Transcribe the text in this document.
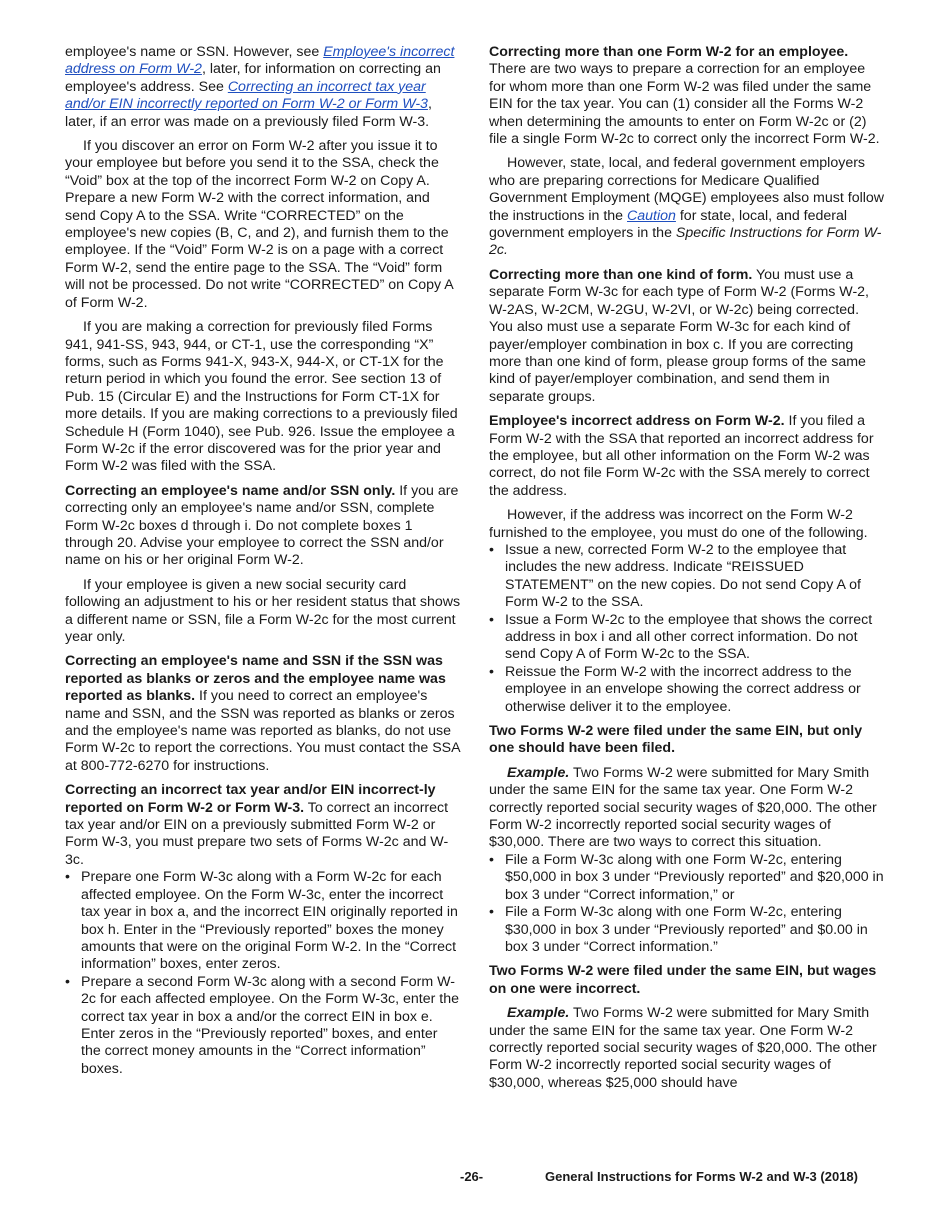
employee's name or SSN. However, see Employee's incorrect address on Form W-2, later, for information on correcting an employee's address. See Correcting an incorrect tax year and/or EIN incorrectly reported on Form W-2 or Form W-3, later, if an error was made on a previously filed Form W-3.

If you discover an error on Form W-2 after you issue it to your employee but before you send it to the SSA, check the “Void” box at the top of the incorrect Form W-2 on Copy A. Prepare a new Form W-2 with the correct information, and send Copy A to the SSA. Write “CORRECTED” on the employee's new copies (B, C, and 2), and furnish them to the employee. If the “Void” Form W-2 is on a page with a correct Form W-2, send the entire page to the SSA. The “Void” form will not be processed. Do not write “CORRECTED” on Copy A of Form W-2.

If you are making a correction for previously filed Forms 941, 941-SS, 943, 944, or CT-1, use the corresponding “X” forms, such as Forms 941-X, 943-X, 944-X, or CT-1X for the return period in which you found the error. See section 13 of Pub. 15 (Circular E) and the Instructions for Form CT-1X for more details. If you are making corrections to a previously filed Schedule H (Form 1040), see Pub. 926. Issue the employee a Form W-2c if the error discovered was for the prior year and Form W-2 was filed with the SSA.

Correcting an employee's name and/or SSN only. If you are correcting only an employee's name and/or SSN, complete Form W-2c boxes d through i. Do not complete boxes 1 through 20. Advise your employee to correct the SSN and/or name on his or her original Form W-2.

If your employee is given a new social security card following an adjustment to his or her resident status that shows a different name or SSN, file a Form W-2c for the most current year only.

Correcting an employee's name and SSN if the SSN was reported as blanks or zeros and the employee name was reported as blanks. If you need to correct an employee's name and SSN, and the SSN was reported as blanks or zeros and the employee's name was reported as blanks, do not use Form W-2c to report the corrections. You must contact the SSA at 800-772-6270 for instructions.

Correcting an incorrect tax year and/or EIN incorrect-ly reported on Form W-2 or Form W-3. To correct an incorrect tax year and/or EIN on a previously submitted Form W-2 or Form W-3, you must prepare two sets of Forms W-2c and W-3c.

• Prepare one Form W-3c along with a Form W-2c for each affected employee. On the Form W-3c, enter the incorrect tax year in box a, and the incorrect EIN originally reported in box h. Enter in the “Previously reported” boxes the money amounts that were on the original Form W-2. In the “Correct information” boxes, enter zeros.

• Prepare a second Form W-3c along with a second Form W-2c for each affected employee. On the Form W-3c, enter the correct tax year in box a and/or the correct EIN in box e. Enter zeros in the “Previously reported” boxes, and enter the correct money amounts in the “Correct information” boxes.

Correcting more than one Form W-2 for an employee. There are two ways to prepare a correction for an employee for whom more than one Form W-2 was filed under the same EIN for the tax year. You can (1) consider all the Forms W-2 when determining the amounts to enter on Form W-2c or (2) file a single Form W-2c to correct only the incorrect Form W-2.

However, state, local, and federal government employers who are preparing corrections for Medicare Qualified Government Employment (MQGE) employees also must follow the instructions in the Caution for state, local, and federal government employers in the Specific Instructions for Form W-2c.

Correcting more than one kind of form. You must use a separate Form W-3c for each type of Form W-2 (Forms W-2, W-2AS, W-2CM, W-2GU, W-2VI, or W-2c) being corrected. You also must use a separate Form W-3c for each kind of payer/employer combination in box c. If you are correcting more than one kind of form, please group forms of the same kind of payer/employer combination, and send them in separate groups.

Employee's incorrect address on Form W-2. If you filed a Form W-2 with the SSA that reported an incorrect address for the employee, but all other information on the Form W-2 was correct, do not file Form W-2c with the SSA merely to correct the address.

However, if the address was incorrect on the Form W-2 furnished to the employee, you must do one of the following.

• Issue a new, corrected Form W-2 to the employee that includes the new address. Indicate “REISSUED STATEMENT” on the new copies. Do not send Copy A of Form W-2 to the SSA.

• Issue a Form W-2c to the employee that shows the correct address in box i and all other correct information. Do not send Copy A of Form W-2c to the SSA.

• Reissue the Form W-2 with the incorrect address to the employee in an envelope showing the correct address or otherwise deliver it to the employee.

Two Forms W-2 were filed under the same EIN, but only one should have been filed.

Example. Two Forms W-2 were submitted for Mary Smith under the same EIN for the same tax year. One Form W-2 correctly reported social security wages of $20,000. The other Form W-2 incorrectly reported social security wages of $30,000. There are two ways to correct this situation.

• File a Form W-3c along with one Form W-2c, entering $50,000 in box 3 under “Previously reported” and $20,000 in box 3 under “Correct information,” or

• File a Form W-3c along with one Form W-2c, entering $30,000 in box 3 under “Previously reported” and $0.00 in box 3 under “Correct information.”

Two Forms W-2 were filed under the same EIN, but wages on one were incorrect.

Example. Two Forms W-2 were submitted for Mary Smith under the same EIN for the same tax year. One Form W-2 correctly reported social security wages of $20,000. The other Form W-2 incorrectly reported social security wages of $30,000, whereas $25,000 should have

-26-	General Instructions for Forms W-2 and W-3 (2018)
